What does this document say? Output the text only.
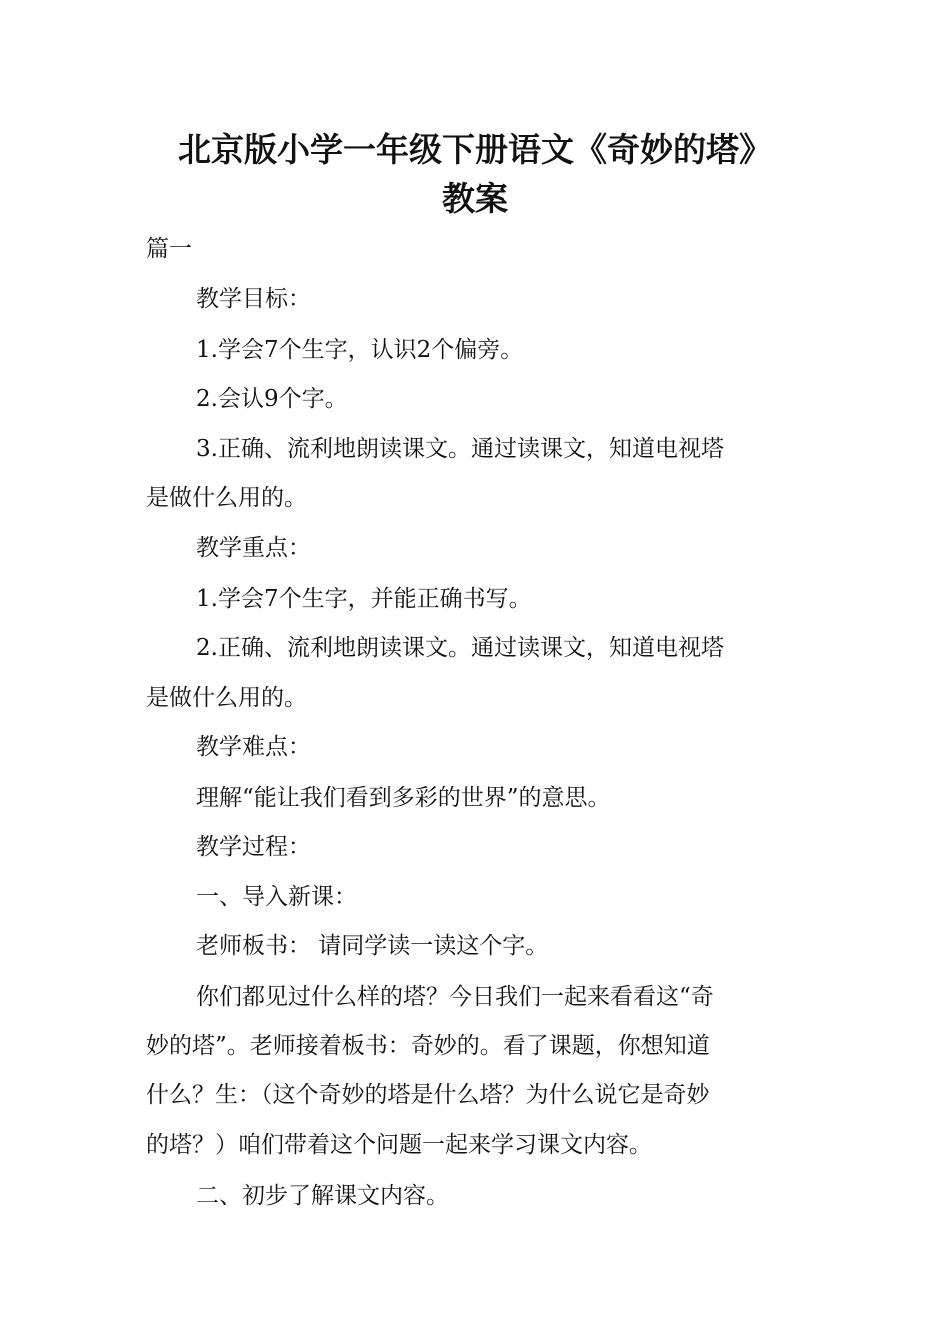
北京版小学一年级下册语文《奇妙的塔》
教案
篇一
教学目标：
1.学会7个生字，认识2个偏旁。
2.会认9个字。
3.正确、流利地朗读课文。通过读课文，知道电视塔
是做什么用的。
教学重点：
1.学会7个生字，并能正确书写。
2.正确、流利地朗读课文。通过读课文，知道电视塔
是做什么用的。
教学难点：
理解“能让我们看到多彩的世界”的意思。
教学过程：
一、导入新课：
老师板书： 请同学读一读这个字。
你们都见过什么样的塔？今日我们一起来看看这“奇
妙的塔”。老师接着板书：奇妙的。看了课题，你想知道
什么？生：（这个奇妙的塔是什么塔？为什么说它是奇妙
的塔？）咱们带着这个问题一起来学习课文内容。
二、初步了解课文内容。
